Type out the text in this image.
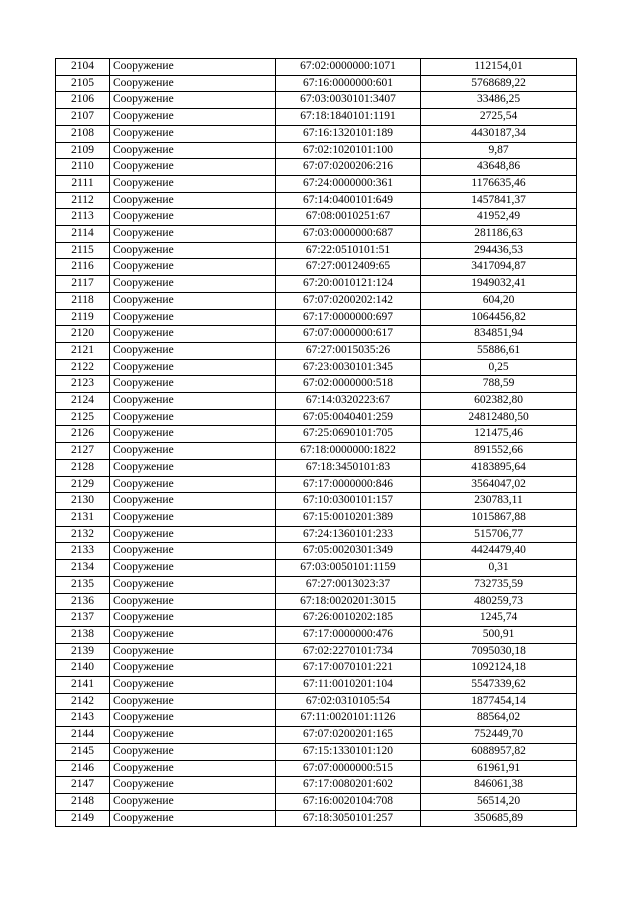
2104	Сооружение	67:02:0000000:1071	112154,01
2105	Сооружение	67:16:0000000:601	5768689,22
2106	Сооружение	67:03:0030101:3407	33486,25
2107	Сооружение	67:18:1840101:1191	2725,54
2108	Сооружение	67:16:1320101:189	4430187,34
2109	Сооружение	67:02:1020101:100	9,87
2110	Сооружение	67:07:0200206:216	43648,86
2111	Сооружение	67:24:0000000:361	1176635,46
2112	Сооружение	67:14:0400101:649	1457841,37
2113	Сооружение	67:08:0010251:67	41952,49
2114	Сооружение	67:03:0000000:687	281186,63
2115	Сооружение	67:22:0510101:51	294436,53
2116	Сооружение	67:27:0012409:65	3417094,87
2117	Сооружение	67:20:0010121:124	1949032,41
2118	Сооружение	67:07:0200202:142	604,20
2119	Сооружение	67:17:0000000:697	1064456,82
2120	Сооружение	67:07:0000000:617	834851,94
2121	Сооружение	67:27:0015035:26	55886,61
2122	Сооружение	67:23:0030101:345	0,25
2123	Сооружение	67:02:0000000:518	788,59
2124	Сооружение	67:14:0320223:67	602382,80
2125	Сооружение	67:05:0040401:259	24812480,50
2126	Сооружение	67:25:0690101:705	121475,46
2127	Сооружение	67:18:0000000:1822	891552,66
2128	Сооружение	67:18:3450101:83	4183895,64
2129	Сооружение	67:17:0000000:846	3564047,02
2130	Сооружение	67:10:0300101:157	230783,11
2131	Сооружение	67:15:0010201:389	1015867,88
2132	Сооружение	67:24:1360101:233	515706,77
2133	Сооружение	67:05:0020301:349	4424479,40
2134	Сооружение	67:03:0050101:1159	0,31
2135	Сооружение	67:27:0013023:37	732735,59
2136	Сооружение	67:18:0020201:3015	480259,73
2137	Сооружение	67:26:0010202:185	1245,74
2138	Сооружение	67:17:0000000:476	500,91
2139	Сооружение	67:02:2270101:734	7095030,18
2140	Сооружение	67:17:0070101:221	1092124,18
2141	Сооружение	67:11:0010201:104	5547339,62
2142	Сооружение	67:02:0310105:54	1877454,14
2143	Сооружение	67:11:0020101:1126	88564,02
2144	Сооружение	67:07:0200201:165	752449,70
2145	Сооружение	67:15:1330101:120	6088957,82
2146	Сооружение	67:07:0000000:515	61961,91
2147	Сооружение	67:17:0080201:602	846061,38
2148	Сооружение	67:16:0020104:708	56514,20
2149	Сооружение	67:18:3050101:257	350685,89
